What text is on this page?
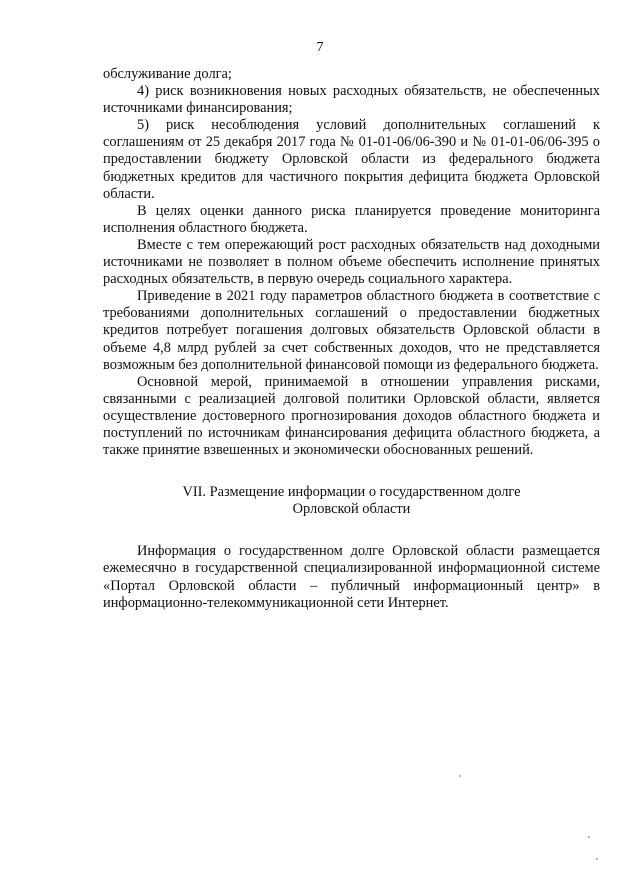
7

обслуживание долга;

4) риск возникновения новых расходных обязательств, не обеспеченных источниками финансирования;

5) риск несоблюдения условий дополнительных соглашений к соглашениям от 25 декабря 2017 года № 01-01-06/06-390 и № 01-01-06/06-395 о предоставлении бюджету Орловской области из федерального бюджета бюджетных кредитов для частичного покрытия дефицита бюджета Орловской области.

В целях оценки данного риска планируется проведение мониторинга исполнения областного бюджета.

Вместе с тем опережающий рост расходных обязательств над доходными источниками не позволяет в полном объеме обеспечить исполнение принятых расходных обязательств, в первую очередь социального характера.

Приведение в 2021 году параметров областного бюджета в соответствие с требованиями дополнительных соглашений о предоставлении бюджетных кредитов потребует погашения долговых обязательств Орловской области в объеме 4,8 млрд рублей за счет собственных доходов, что не представляется возможным без дополнительной финансовой помощи из федерального бюджета.

Основной мерой, принимаемой в отношении управления рисками, связанными с реализацией долговой политики Орловской области, является осуществление достоверного прогнозирования доходов областного бюджета и поступлений по источникам финансирования дефицита областного бюджета, а также принятие взвешенных и экономически обоснованных решений.

VII. Размещение информации о государственном долге
Орловской области

Информация о государственном долге Орловской области размещается ежемесячно в государственной специализированной информационной системе «Портал Орловской области – публичный информационный центр» в информационно-телекоммуникационной сети Интернет.
